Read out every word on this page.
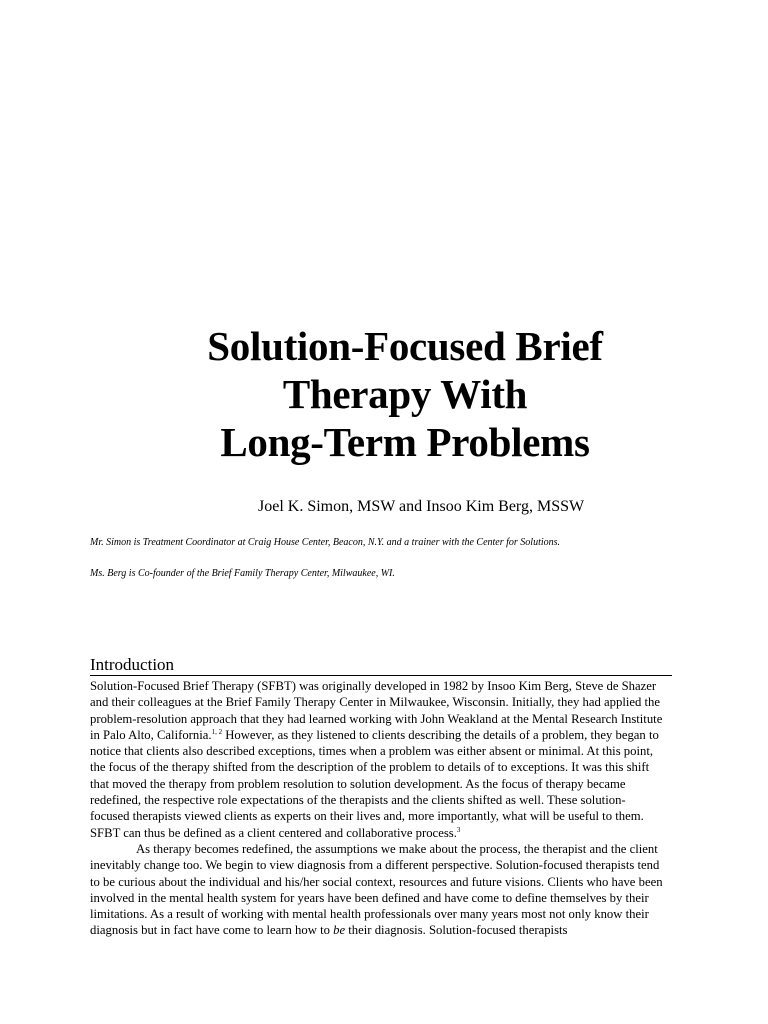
Solution-Focused Brief
Therapy With
Long-Term Problems
Joel K. Simon, MSW and Insoo Kim Berg, MSSW
Mr. Simon is Treatment Coordinator at Craig House Center, Beacon, N.Y. and a trainer with the Center for Solutions.
Ms. Berg is Co-founder of the Brief Family Therapy Center, Milwaukee, WI.
Introduction
Solution-Focused Brief Therapy (SFBT) was originally developed in 1982 by Insoo Kim Berg, Steve de Shazer
and their colleagues at the Brief Family Therapy Center in Milwaukee, Wisconsin. Initially, they had applied the
problem-resolution approach that they had learned working with John Weakland at the Mental Research Institute
in Palo Alto, California.$^{1, 2}$ However, as they listened to clients describing the details of a problem, they began to
notice that clients also described exceptions, times when a problem was either absent or minimal. At this point,
the focus of the therapy shifted from the description of the problem to details of to exceptions. It was this shift
that moved the therapy from problem resolution to solution development. As the focus of therapy became
redefined, the respective role expectations of the therapists and the clients shifted as well. These solution-
focused therapists viewed clients as experts on their lives and, more importantly, what will be useful to them.
SFBT can thus be defined as a client centered and collaborative process.$^3$
As therapy becomes redefined, the assumptions we make about the process, the therapist and the client
inevitably change too. We begin to view diagnosis from a different perspective. Solution-focused therapists tend
to be curious about the individual and his/her social context, resources and future visions. Clients who have been
involved in the mental health system for years have been defined and have come to define themselves by their
limitations. As a result of working with mental health professionals over many years most not only know their
diagnosis but in fact have come to learn how to be their diagnosis. Solution-focused therapists
